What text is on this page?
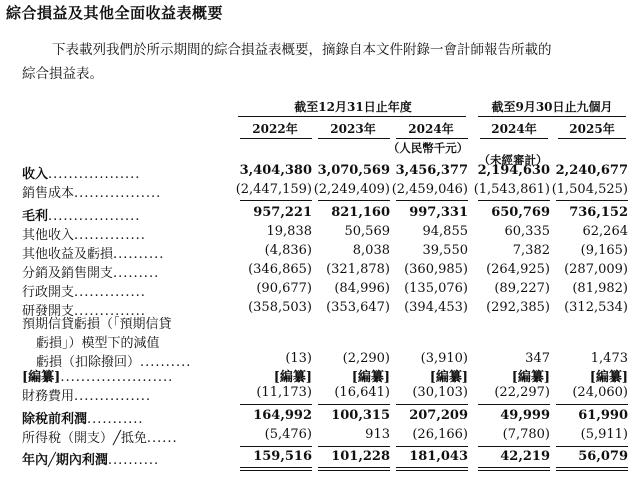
綜合損益及其他全面收益表概要
下表載列我們於所示期間的綜合損益表概要，摘錄自本文件附錄一會計師報告所載的
綜合損益表。
截至12月31日止年度	截至9月30日止九個月
2022年	2023年	2024年	2024年	2025年
（人民幣千元）
（未經審計）
收入..................	3,404,380 3,070,569 3,456,377 2,194,630 2,240,677
銷售成本.................	(2,447,159) (2,249,409) (2,459,046) (1,543,861) (1,504,525)
毛利..................	957,221	821,160	997,331	650,769	736,152
其他收入..............	19,838	50,569	94,855	60,335	62,264
其他收益及虧損..........	(4,836)	8,038	39,550	7,382	(9,165)
分銷及銷售開支.........	(346,865)	(321,878)	(360,985)	(264,925)	(287,009)
行政開支..............	(90,677)	(84,996)	(135,076)	(89,227)	(81,982)
研發開支..............	(358,503)	(353,647)	(394,453)	(292,385)	(312,534)
預期信貸虧損（「預期信貸
虧損」）模型下的減值
虧損（扣除撥回）..........	(13)	(2,290)	(3,910)	347	1,473
[編纂]......................	[編纂]	[編纂]	[編纂]	[編纂]	[編纂]
財務費用...............	(11,173)	(16,641)	(30,103)	(22,297)	(24,060)
除稅前利潤...........	164,992	100,315	207,209	49,999	61,990
所得稅（開支）╱抵免......	(5,476)	913	(26,166)	(7,780)	(5,911)
年內╱期內利潤..........	159,516	101,228	181,043	42,219	56,079
